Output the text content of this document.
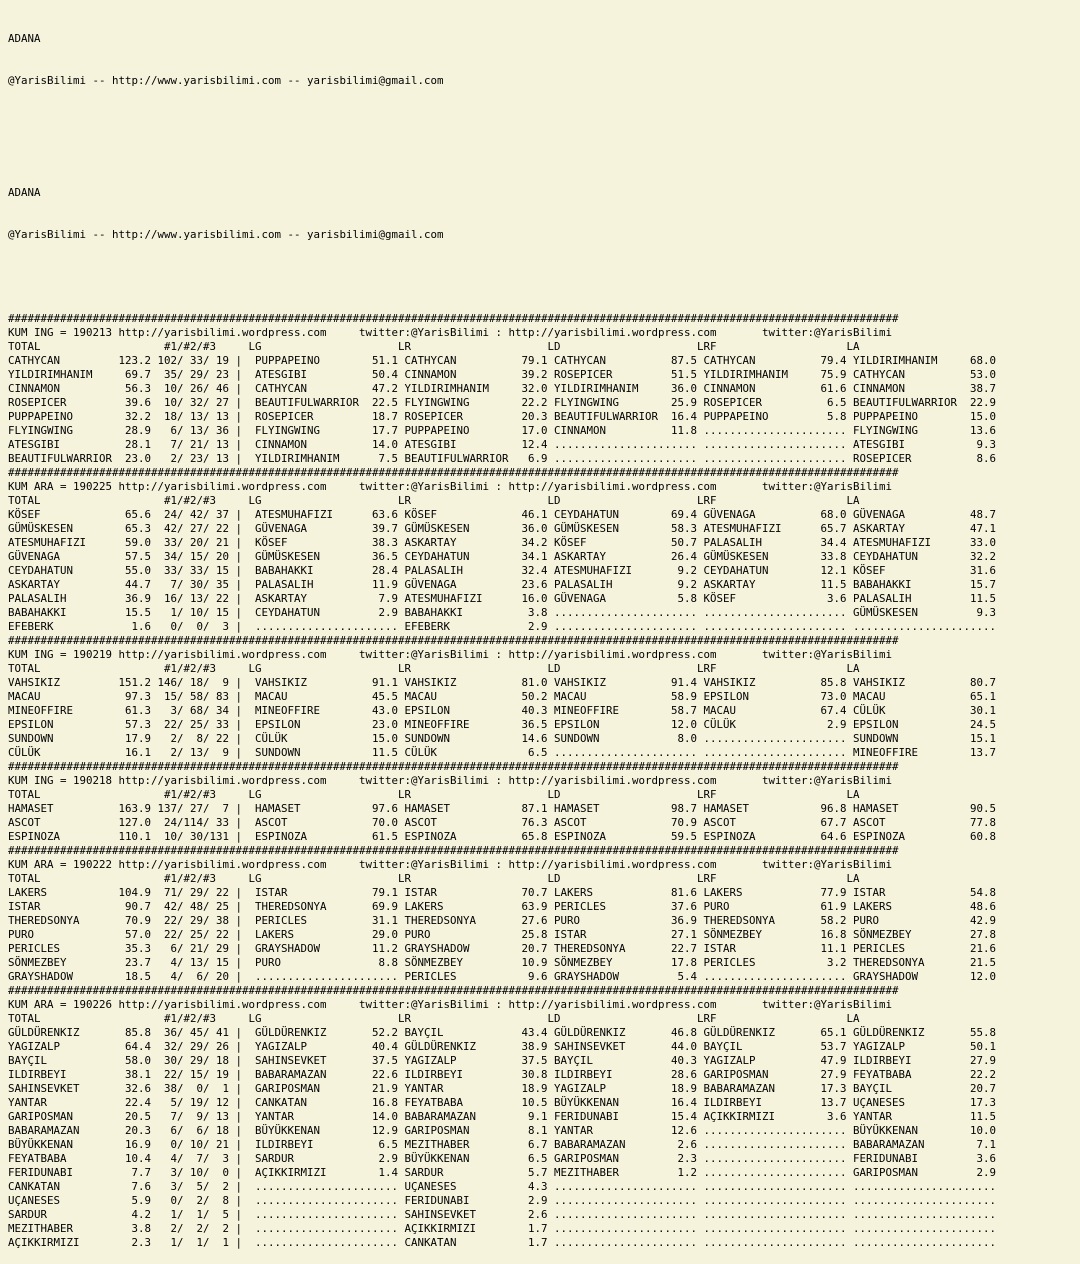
ADANA

@YarisBilimi -- http://www.yarisbilimi.com -- yarisbilimi@gmail.com

ADANA

@YarisBilimi -- http://www.yarisbilimi.com -- yarisbilimi@gmail.com

#########################################################################################################################################
KUM ING = 190213 http://yarisbilimi.wordpress.com     twitter:@YarisBilimi : http://yarisbilimi.wordpress.com       twitter:@YarisBilimi
TOTAL                   #1/#2/#3     LG                     LR                     LD                     LRF                    LA
CATHYCAN         123.2 102/ 33/ 19 |  PUPPAPEINO        51.1 CATHYCAN          79.1 CATHYCAN          87.5 CATHYCAN          79.4 YILDIRIMHANIM     68.0
YILDIRIMHANIM     69.7  35/ 29/ 23 |  ATESGIBI          50.4 CINNAMON          39.2 ROSEPICER         51.5 YILDIRIMHANIM     75.9 CATHYCAN          53.0
CINNAMON          56.3  10/ 26/ 46 |  CATHYCAN          47.2 YILDIRIMHANIM     32.0 YILDIRIMHANIM     36.0 CINNAMON          61.6 CINNAMON          38.7
ROSEPICER         39.6  10/ 32/ 27 |  BEAUTIFULWARRIOR  22.5 FLYINGWING        22.2 FLYINGWING        25.9 ROSEPICER          6.5 BEAUTIFULWARRIOR  22.9
PUPPAPEINO        32.2  18/ 13/ 13 |  ROSEPICER         18.7 ROSEPICER         20.3 BEAUTIFULWARRIOR  16.4 PUPPAPEINO         5.8 PUPPAPEINO        15.0
FLYINGWING        28.9   6/ 13/ 36 |  FLYINGWING        17.7 PUPPAPEINO        17.0 CINNAMON          11.8 ...................... FLYINGWING        13.6
ATESGIBI          28.1   7/ 21/ 13 |  CINNAMON          14.0 ATESGIBI          12.4 ...................... ...................... ATESGIBI           9.3
BEAUTIFULWARRIOR  23.0   2/ 23/ 13 |  YILDIRIMHANIM      7.5 BEAUTIFULWARRIOR   6.9 ...................... ...................... ROSEPICER          8.6
#########################################################################################################################################
KUM ARA = 190225 http://yarisbilimi.wordpress.com     twitter:@YarisBilimi : http://yarisbilimi.wordpress.com       twitter:@YarisBilimi
TOTAL                   #1/#2/#3     LG                     LR                     LD                     LRF                    LA
KÖSEF             65.6  24/ 42/ 37 |  ATESMUHAFIZI      63.6 KÖSEF             46.1 CEYDAHATUN        69.4 GÜVENAGA          68.0 GÜVENAGA          48.7
GÜMÜSKESEN        65.3  42/ 27/ 22 |  GÜVENAGA          39.7 GÜMÜSKESEN        36.0 GÜMÜSKESEN        58.3 ATESMUHAFIZI      65.7 ASKARTAY          47.1
ATESMUHAFIZI      59.0  33/ 20/ 21 |  KÖSEF             38.3 ASKARTAY          34.2 KÖSEF             50.7 PALASALIH         34.4 ATESMUHAFIZI      33.0
GÜVENAGA          57.5  34/ 15/ 20 |  GÜMÜSKESEN        36.5 CEYDAHATUN        34.1 ASKARTAY          26.4 GÜMÜSKESEN        33.8 CEYDAHATUN        32.2
CEYDAHATUN        55.0  33/ 33/ 15 |  BABAHAKKI         28.4 PALASALIH         32.4 ATESMUHAFIZI       9.2 CEYDAHATUN        12.1 KÖSEF             31.6
ASKARTAY          44.7   7/ 30/ 35 |  PALASALIH         11.9 GÜVENAGA          23.6 PALASALIH          9.2 ASKARTAY          11.5 BABAHAKKI         15.7
PALASALIH         36.9  16/ 13/ 22 |  ASKARTAY           7.9 ATESMUHAFIZI      16.0 GÜVENAGA           5.8 KÖSEF              3.6 PALASALIH         11.5
BABAHAKKI         15.5   1/ 10/ 15 |  CEYDAHATUN         2.9 BABAHAKKI          3.8 ...................... ...................... GÜMÜSKESEN         9.3
EFEBERK            1.6   0/  0/  3 |  ...................... EFEBERK            2.9 ...................... ...................... ......................
#########################################################################################################################################
KUM ING = 190219 http://yarisbilimi.wordpress.com     twitter:@YarisBilimi : http://yarisbilimi.wordpress.com       twitter:@YarisBilimi
TOTAL                   #1/#2/#3     LG                     LR                     LD                     LRF                    LA
VAHSIKIZ         151.2 146/ 18/  9 |  VAHSIKIZ          91.1 VAHSIKIZ          81.0 VAHSIKIZ          91.4 VAHSIKIZ          85.8 VAHSIKIZ          80.7
MACAU             97.3  15/ 58/ 83 |  MACAU             45.5 MACAU             50.2 MACAU             58.9 EPSILON           73.0 MACAU             65.1
MINEOFFIRE        61.3   3/ 68/ 34 |  MINEOFFIRE        43.0 EPSILON           40.3 MINEOFFIRE        58.7 MACAU             67.4 CÜLÜK             30.1
EPSILON           57.3  22/ 25/ 33 |  EPSILON           23.0 MINEOFFIRE        36.5 EPSILON           12.0 CÜLÜK              2.9 EPSILON           24.5
SUNDOWN           17.9   2/  8/ 22 |  CÜLÜK             15.0 SUNDOWN           14.6 SUNDOWN            8.0 ...................... SUNDOWN           15.1
CÜLÜK             16.1   2/ 13/  9 |  SUNDOWN           11.5 CÜLÜK              6.5 ...................... ...................... MINEOFFIRE        13.7
#########################################################################################################################################
KUM ING = 190218 http://yarisbilimi.wordpress.com     twitter:@YarisBilimi : http://yarisbilimi.wordpress.com       twitter:@YarisBilimi
TOTAL                   #1/#2/#3     LG                     LR                     LD                     LRF                    LA
HAMASET          163.9 137/ 27/  7 |  HAMASET           97.6 HAMASET           87.1 HAMASET           98.7 HAMASET           96.8 HAMASET           90.5
ASCOT            127.0  24/114/ 33 |  ASCOT             70.0 ASCOT             76.3 ASCOT             70.9 ASCOT             67.7 ASCOT             77.8
ESPINOZA         110.1  10/ 30/131 |  ESPINOZA          61.5 ESPINOZA          65.8 ESPINOZA          59.5 ESPINOZA          64.6 ESPINOZA          60.8
#########################################################################################################################################
KUM ARA = 190222 http://yarisbilimi.wordpress.com     twitter:@YarisBilimi : http://yarisbilimi.wordpress.com       twitter:@YarisBilimi
TOTAL                   #1/#2/#3     LG                     LR                     LD                     LRF                    LA
LAKERS           104.9  71/ 29/ 22 |  ISTAR             79.1 ISTAR             70.7 LAKERS            81.6 LAKERS            77.9 ISTAR             54.8
ISTAR             90.7  42/ 48/ 25 |  THEREDSONYA       69.9 LAKERS            63.9 PERICLES          37.6 PURO              61.9 LAKERS            48.6
THEREDSONYA       70.9  22/ 29/ 38 |  PERICLES          31.1 THEREDSONYA       27.6 PURO              36.9 THEREDSONYA       58.2 PURO              42.9
PURO              57.0  22/ 25/ 22 |  LAKERS            29.0 PURO              25.8 ISTAR             27.1 SÖNMEZBEY         16.8 SÖNMEZBEY         27.8
PERICLES          35.3   6/ 21/ 29 |  GRAYSHADOW        11.2 GRAYSHADOW        20.7 THEREDSONYA       22.7 ISTAR             11.1 PERICLES          21.6
SÖNMEZBEY         23.7   4/ 13/ 15 |  PURO               8.8 SÖNMEZBEY         10.9 SÖNMEZBEY         17.8 PERICLES           3.2 THEREDSONYA       21.5
GRAYSHADOW        18.5   4/  6/ 20 |  ...................... PERICLES           9.6 GRAYSHADOW         5.4 ...................... GRAYSHADOW        12.0
#########################################################################################################################################
KUM ARA = 190226 http://yarisbilimi.wordpress.com     twitter:@YarisBilimi : http://yarisbilimi.wordpress.com       twitter:@YarisBilimi
TOTAL                   #1/#2/#3     LG                     LR                     LD                     LRF                    LA
GÜLDÜRENKIZ       85.8  36/ 45/ 41 |  GÜLDÜRENKIZ       52.2 BAYÇIL            43.4 GÜLDÜRENKIZ       46.8 GÜLDÜRENKIZ       65.1 GÜLDÜRENKIZ       55.8
YAGIZALP          64.4  32/ 29/ 26 |  YAGIZALP          40.4 GÜLDÜRENKIZ       38.9 SAHINSEVKET       44.0 BAYÇIL            53.7 YAGIZALP          50.1
BAYÇIL            58.0  30/ 29/ 18 |  SAHINSEVKET       37.5 YAGIZALP          37.5 BAYÇIL            40.3 YAGIZALP          47.9 ILDIRBEYI         27.9
ILDIRBEYI         38.1  22/ 15/ 19 |  BABARAMAZAN       22.6 ILDIRBEYI         30.8 ILDIRBEYI         28.6 GARIPOSMAN        27.9 FEYATBABA         22.2
SAHINSEVKET       32.6  38/  0/  1 |  GARIPOSMAN        21.9 YANTAR            18.9 YAGIZALP          18.9 BABARAMAZAN       17.3 BAYÇIL            20.7
YANTAR            22.4   5/ 19/ 12 |  CANKATAN          16.8 FEYATBABA         10.5 BÜYÜKKENAN        16.4 ILDIRBEYI         13.7 UÇANESES          17.3
GARIPOSMAN        20.5   7/  9/ 13 |  YANTAR            14.0 BABARAMAZAN        9.1 FERIDUNABI        15.4 AÇIKKIRMIZI        3.6 YANTAR            11.5
BABARAMAZAN       20.3   6/  6/ 18 |  BÜYÜKKENAN        12.9 GARIPOSMAN         8.1 YANTAR            12.6 ...................... BÜYÜKKENAN        10.0
BÜYÜKKENAN        16.9   0/ 10/ 21 |  ILDIRBEYI          6.5 MEZITHABER         6.7 BABARAMAZAN        2.6 ...................... BABARAMAZAN        7.1
FEYATBABA         10.4   4/  7/  3 |  SARDUR             2.9 BÜYÜKKENAN         6.5 GARIPOSMAN         2.3 ...................... FERIDUNABI         3.6
FERIDUNABI         7.7   3/ 10/  0 |  AÇIKKIRMIZI        1.4 SARDUR             5.7 MEZITHABER         1.2 ...................... GARIPOSMAN         2.9
CANKATAN           7.6   3/  5/  2 |  ...................... UÇANESES           4.3 ...................... ...................... ......................
UÇANESES           5.9   0/  2/  8 |  ...................... FERIDUNABI         2.9 ...................... ...................... ......................
SARDUR             4.2   1/  1/  5 |  ...................... SAHINSEVKET        2.6 ...................... ...................... ......................
MEZITHABER         3.8   2/  2/  2 |  ...................... AÇIKKIRMIZI        1.7 ...................... ...................... ......................
AÇIKKIRMIZI        2.3   1/  1/  1 |  ...................... CANKATAN           1.7 ...................... ...................... ......................
